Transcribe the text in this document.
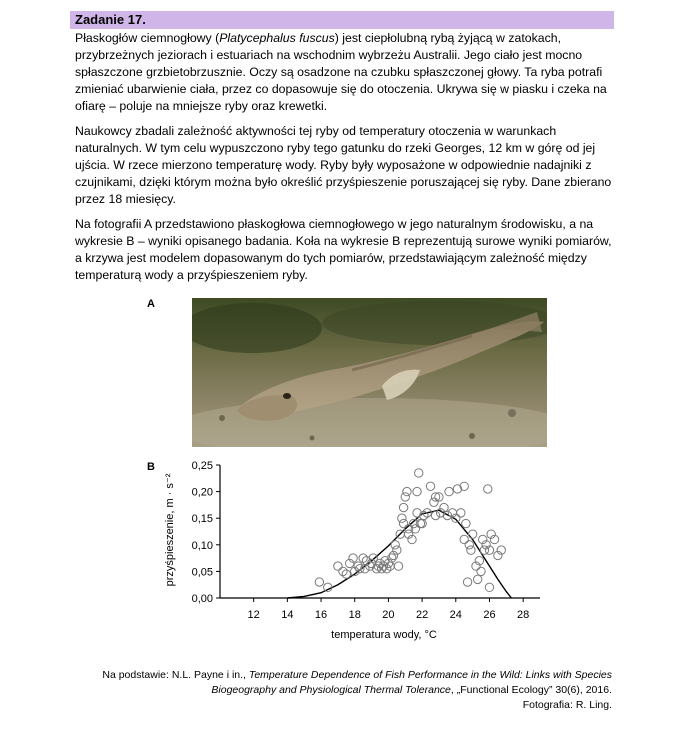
Zadanie 17.

Płaskogłów ciemnogłowy (Platycephalus fuscus) jest ciepłolubną rybą żyjącą w zatokach, przybrzeżnych jeziorach i estuariach na wschodnim wybrzeżu Australii. Jego ciało jest mocno spłaszczone grzbietobrzusznie. Oczy są osadzone na czubku spłaszczonej głowy. Ta ryba potrafi zmieniać ubarwienie ciała, przez co dopasowuje się do otoczenia. Ukrywa się w piasku i czeka na ofiarę – poluje na mniejsze ryby oraz krewetki.

Naukowcy zbadali zależność aktywności tej ryby od temperatury otoczenia w warunkach naturalnych. W tym celu wypuszczono ryby tego gatunku do rzeki Georges, 12 km w górę od jej ujścia. W rzece mierzono temperaturę wody. Ryby były wyposażone w odpowiednie nadajniki z czujnikami, dzięki którym można było określić przyśpieszenie poruszającej się ryby. Dane zbierano przez 18 miesięcy.

Na fotografii A przedstawiono płaskogłowa ciemnogłowego w jego naturalnym środowisku, a na wykresie B – wyniki opisanego badania. Koła na wykresie B reprezentują surowe wyniki pomiarów, a krzywa jest modelem dopasowanym do tych pomiarów, przedstawiającym zależność między temperaturą wody a przyśpieszeniem ryby.

A
B
0,00
0,05
0,10
0,15
0,20
0,25
12 14 16 18 20 22 24 26 28
temperatura wody, °C
przyśpieszenie, m · s⁻²

Na podstawie: N.L. Payne i in., Temperature Dependence of Fish Performance in the Wild: Links with Species

Biogeography and Physiological Thermal Tolerance, „Functional Ecology” 30(6), 2016.

Fotografia: R. Ling.
